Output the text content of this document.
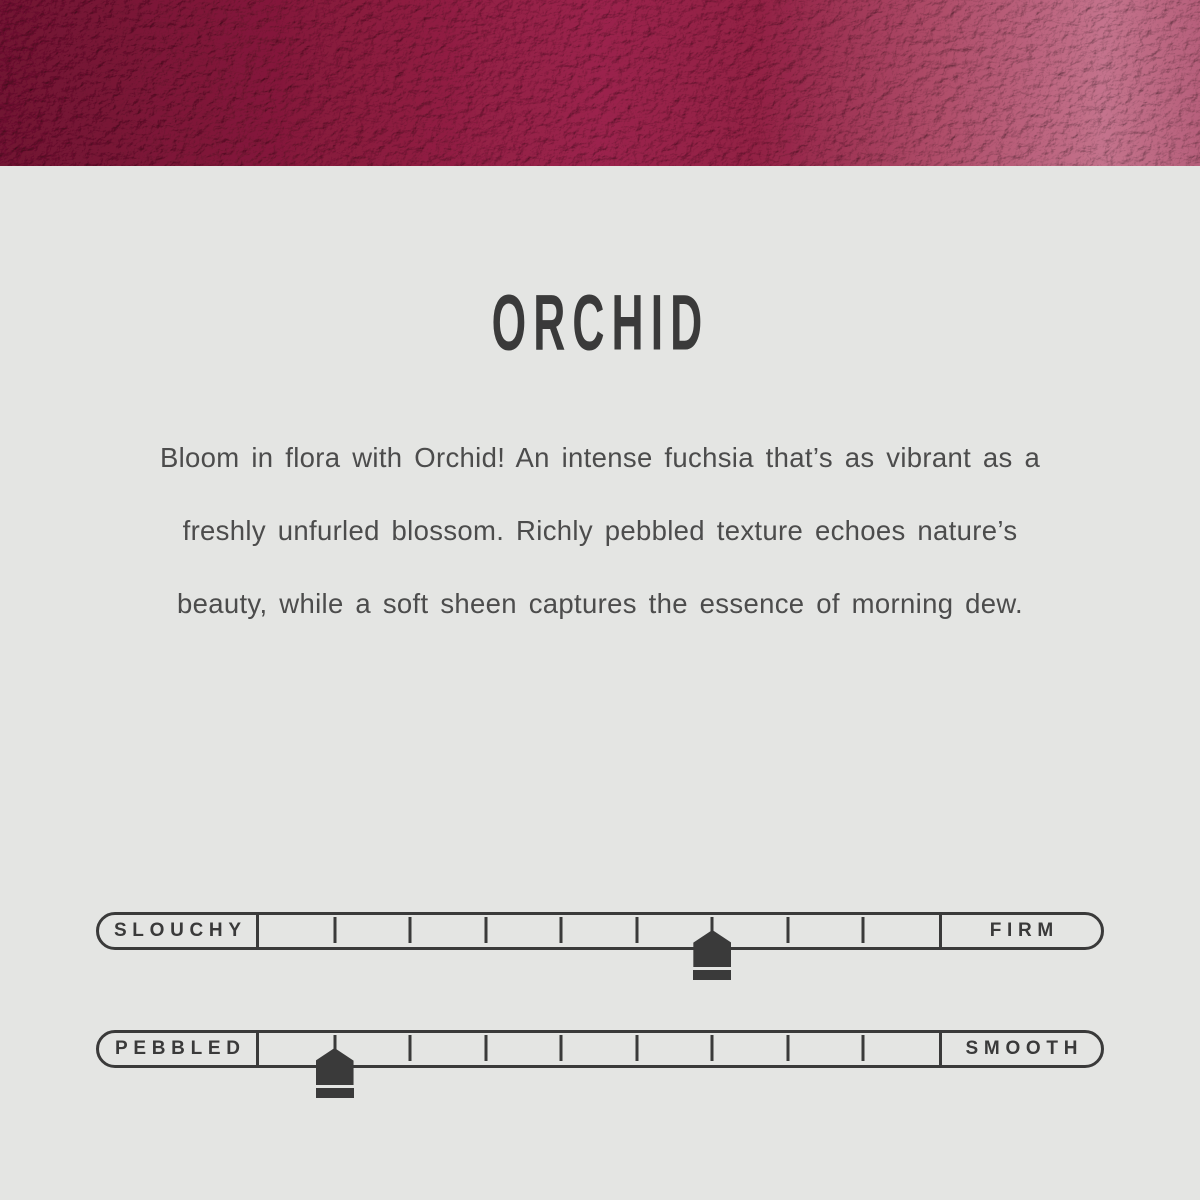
ORCHID
Bloom in flora with Orchid! An intense fuchsia that’s as vibrant as a
freshly unfurled blossom. Richly pebbled texture echoes nature’s
beauty, while a soft sheen captures the essence of morning dew.
SLOUCHY	FIRM
PEBBLED	SMOOTH
